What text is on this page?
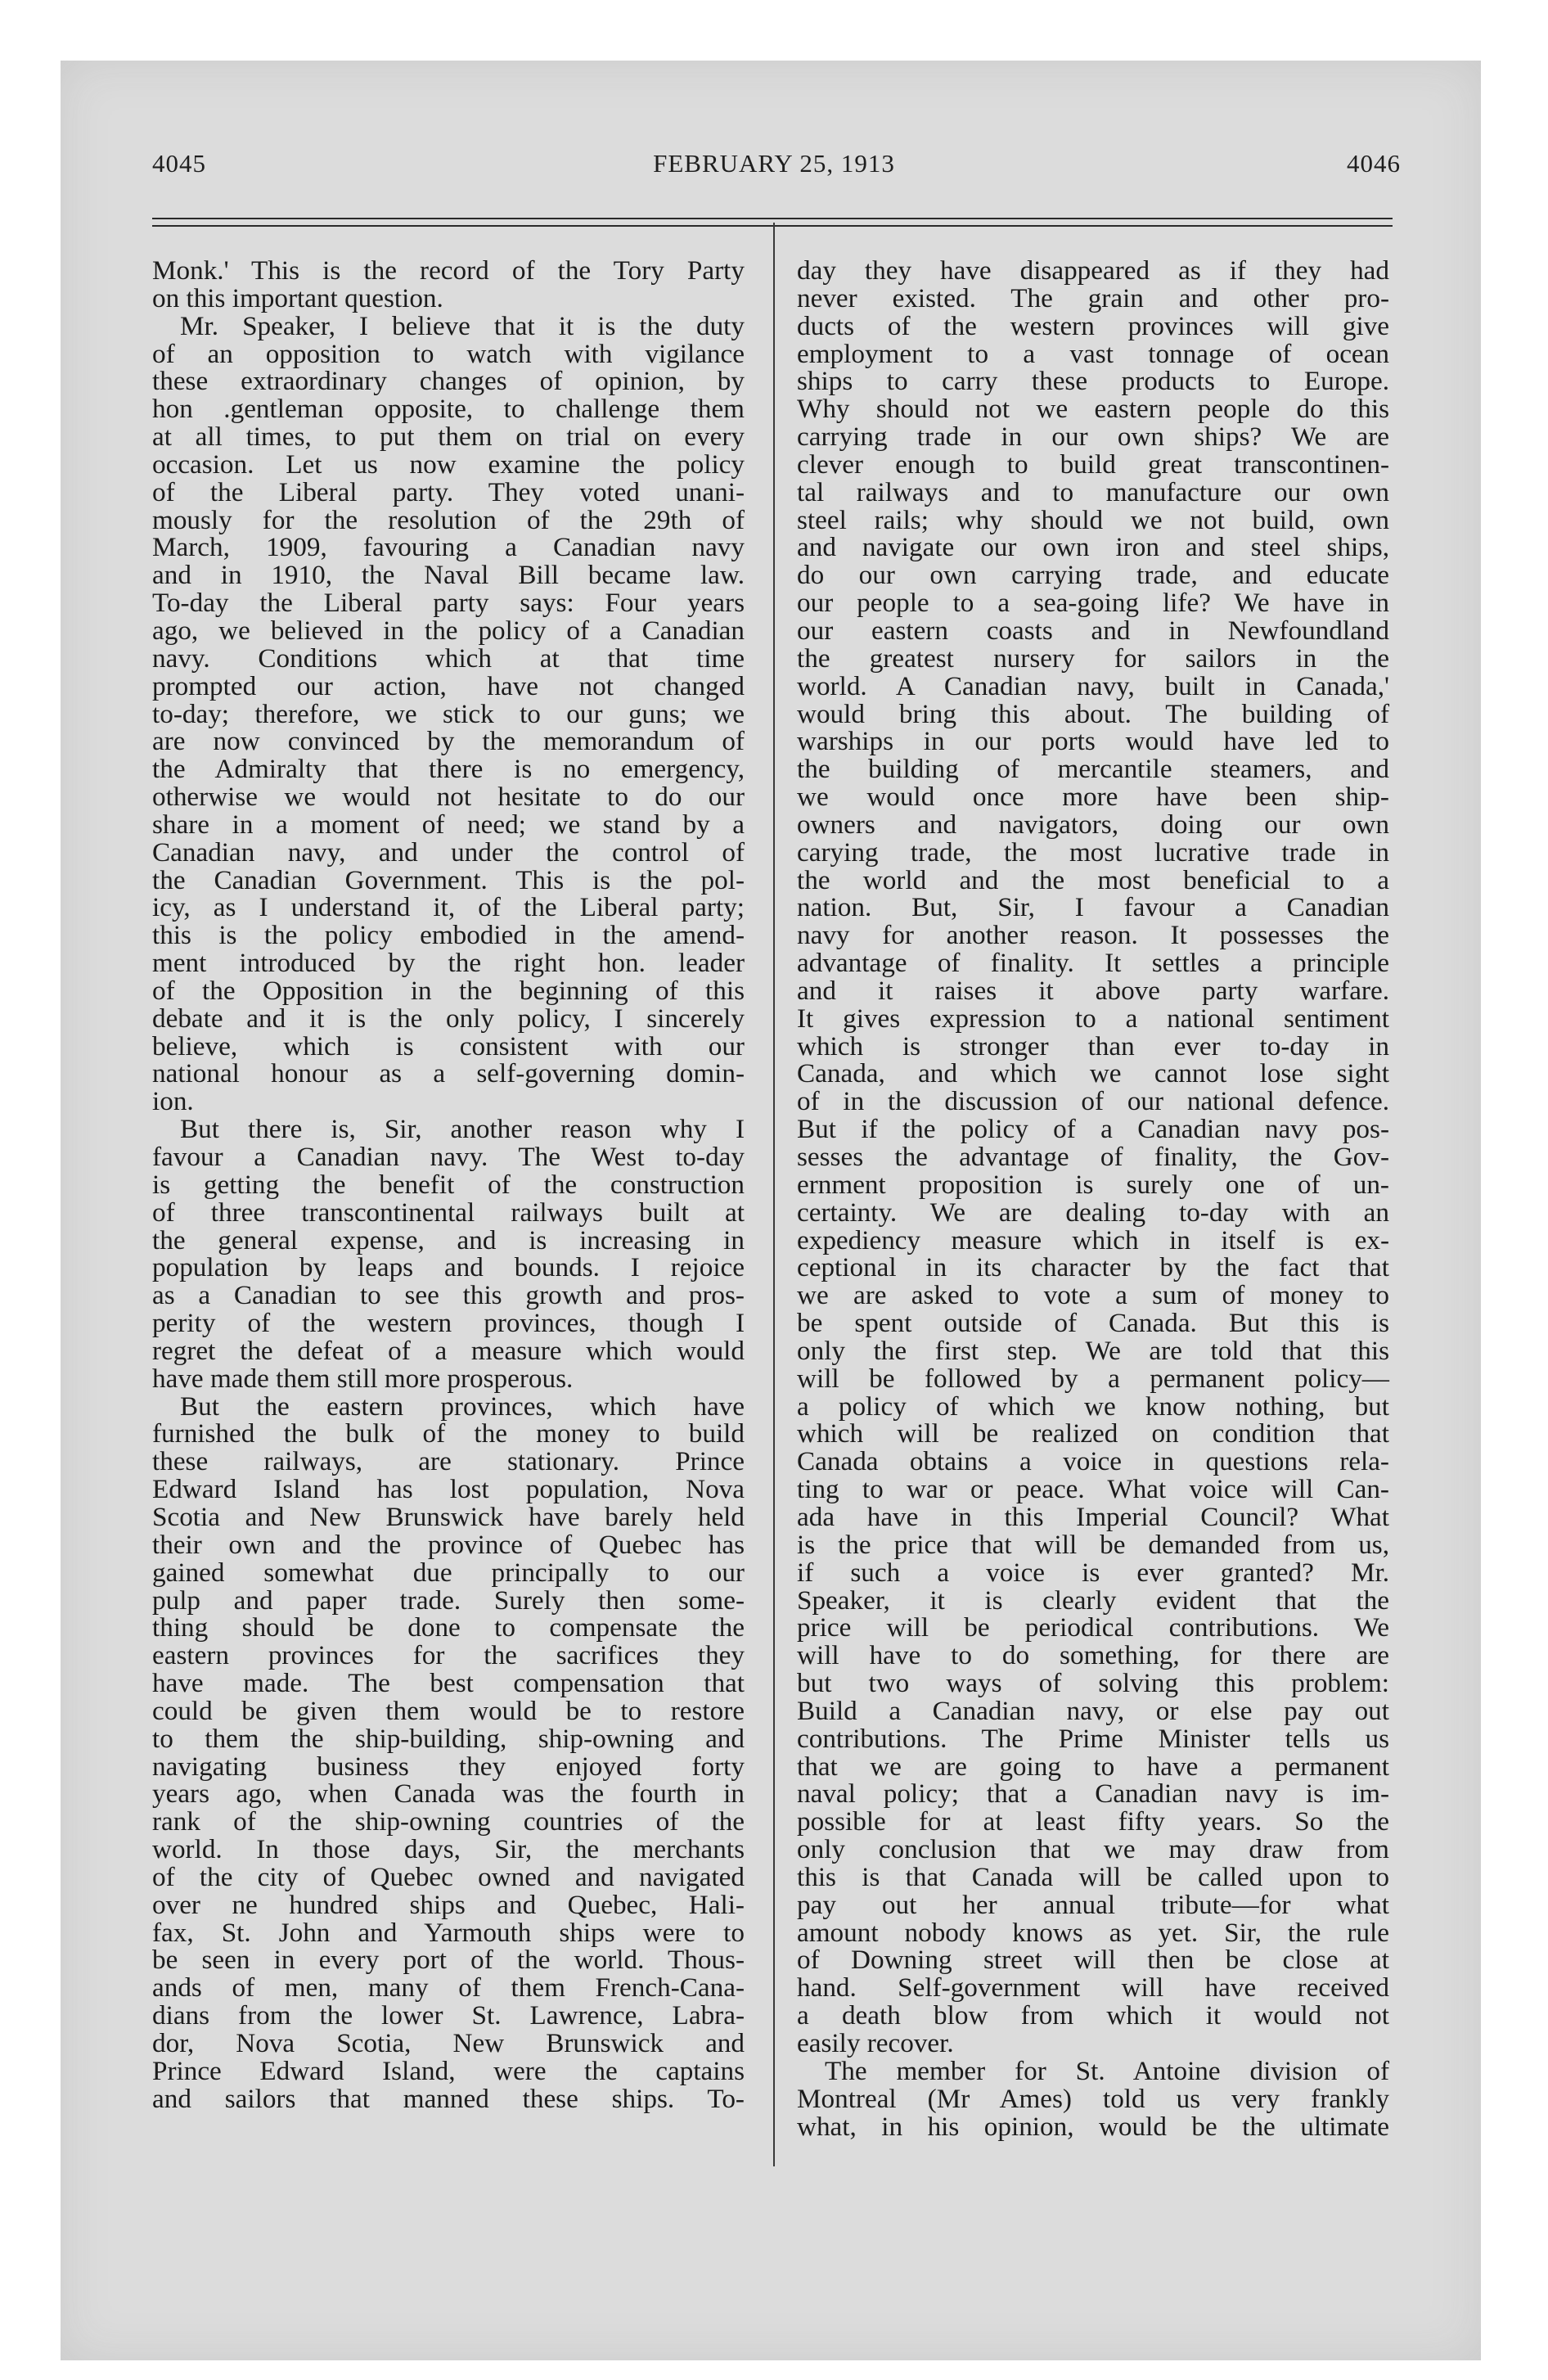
4045	FEBRUARY 25, 1913	4046
Monk.' This is the record of the Tory Party
on this important question.
Mr. Speaker, I believe that it is the duty
of an opposition to watch with vigilance
these extraordinary changes of opinion, by
hon .gentleman opposite, to challenge them
at all times, to put them on trial on every
occasion. Let us now examine the policy
of the Liberal party. They voted unani-
mously for the resolution of the 29th of
March, 1909, favouring a Canadian navy
and in 1910, the Naval Bill became law.
To-day the Liberal party says: Four years
ago, we believed in the policy of a Canadian
navy. Conditions which at that time
prompted our action, have not changed
to-day; therefore, we stick to our guns; we
are now convinced by the memorandum of
the Admiralty that there is no emergency,
otherwise we would not hesitate to do our
share in a moment of need; we stand by a
Canadian navy, and under the control of
the Canadian Government. This is the pol-
icy, as I understand it, of the Liberal party;
this is the policy embodied in the amend-
ment introduced by the right hon. leader
of the Opposition in the beginning of this
debate and it is the only policy, I sincerely
believe, which is consistent with our
national honour as a self-governing domin-
ion.
But there is, Sir, another reason why I
favour a Canadian navy. The West to-day
is getting the benefit of the construction
of three transcontinental railways built at
the general expense, and is increasing in
population by leaps and bounds. I rejoice
as a Canadian to see this growth and pros-
perity of the western provinces, though I
regret the defeat of a measure which would
have made them still more prosperous.
But the eastern provinces, which have
furnished the bulk of the money to build
these railways, are stationary. Prince
Edward Island has lost population, Nova
Scotia and New Brunswick have barely held
their own and the province of Quebec has
gained somewhat due principally to our
pulp and paper trade. Surely then some-
thing should be done to compensate the
eastern provinces for the sacrifices they
have made. The best compensation that
could be given them would be to restore
to them the ship-building, ship-owning and
navigating business they enjoyed forty
years ago, when Canada was the fourth in
rank of the ship-owning countries of the
world. In those days, Sir, the merchants
of the city of Quebec owned and navigated
over ne hundred ships and Quebec, Hali-
fax, St. John and Yarmouth ships were to
be seen in every port of the world. Thous-
ands of men, many of them French-Cana-
dians from the lower St. Lawrence, Labra-
dor, Nova Scotia, New Brunswick and
Prince Edward Island, were the captains
and sailors that manned these ships. To-
day they have disappeared as if they had
never existed. The grain and other pro-
ducts of the western provinces will give
employment to a vast tonnage of ocean
ships to carry these products to Europe.
Why should not we eastern people do this
carrying trade in our own ships? We are
clever enough to build great transcontinen-
tal railways and to manufacture our own
steel rails; why should we not build, own
and navigate our own iron and steel ships,
do our own carrying trade, and educate
our people to a sea-going life? We have in
our eastern coasts and in Newfoundland
the greatest nursery for sailors in the
world. A Canadian navy, built in Canada,'
would bring this about. The building of
warships in our ports would have led to
the building of mercantile steamers, and
we would once more have been ship-
owners and navigators, doing our own
carying trade, the most lucrative trade in
the world and the most beneficial to a
nation. But, Sir, I favour a Canadian
navy for another reason. It possesses the
advantage of finality. It settles a principle
and it raises it above party warfare.
It gives expression to a national sentiment
which is stronger than ever to-day in
Canada, and which we cannot lose sight
of in the discussion of our national defence.
But if the policy of a Canadian navy pos-
sesses the advantage of finality, the Gov-
ernment proposition is surely one of un-
certainty. We are dealing to-day with an
expediency measure which in itself is ex-
ceptional in its character by the fact that
we are asked to vote a sum of money to
be spent outside of Canada. But this is
only the first step. We are told that this
will be followed by a permanent policy—
a policy of which we know nothing, but
which will be realized on condition that
Canada obtains a voice in questions rela-
ting to war or peace. What voice will Can-
ada have in this Imperial Council? What
is the price that will be demanded from us,
if such a voice is ever granted? Mr.
Speaker, it is clearly evident that the
price will be periodical contributions. We
will have to do something, for there are
but two ways of solving this problem:
Build a Canadian navy, or else pay out
contributions. The Prime Minister tells us
that we are going to have a permanent
naval policy; that a Canadian navy is im-
possible for at least fifty years. So the
only conclusion that we may draw from
this is that Canada will be called upon to
pay out her annual tribute—for what
amount nobody knows as yet. Sir, the rule
of Downing street will then be close at
hand. Self-government will have received
a death blow from which it would not
easily recover.
The member for St. Antoine division of
Montreal (Mr Ames) told us very frankly
what, in his opinion, would be the ultimate
